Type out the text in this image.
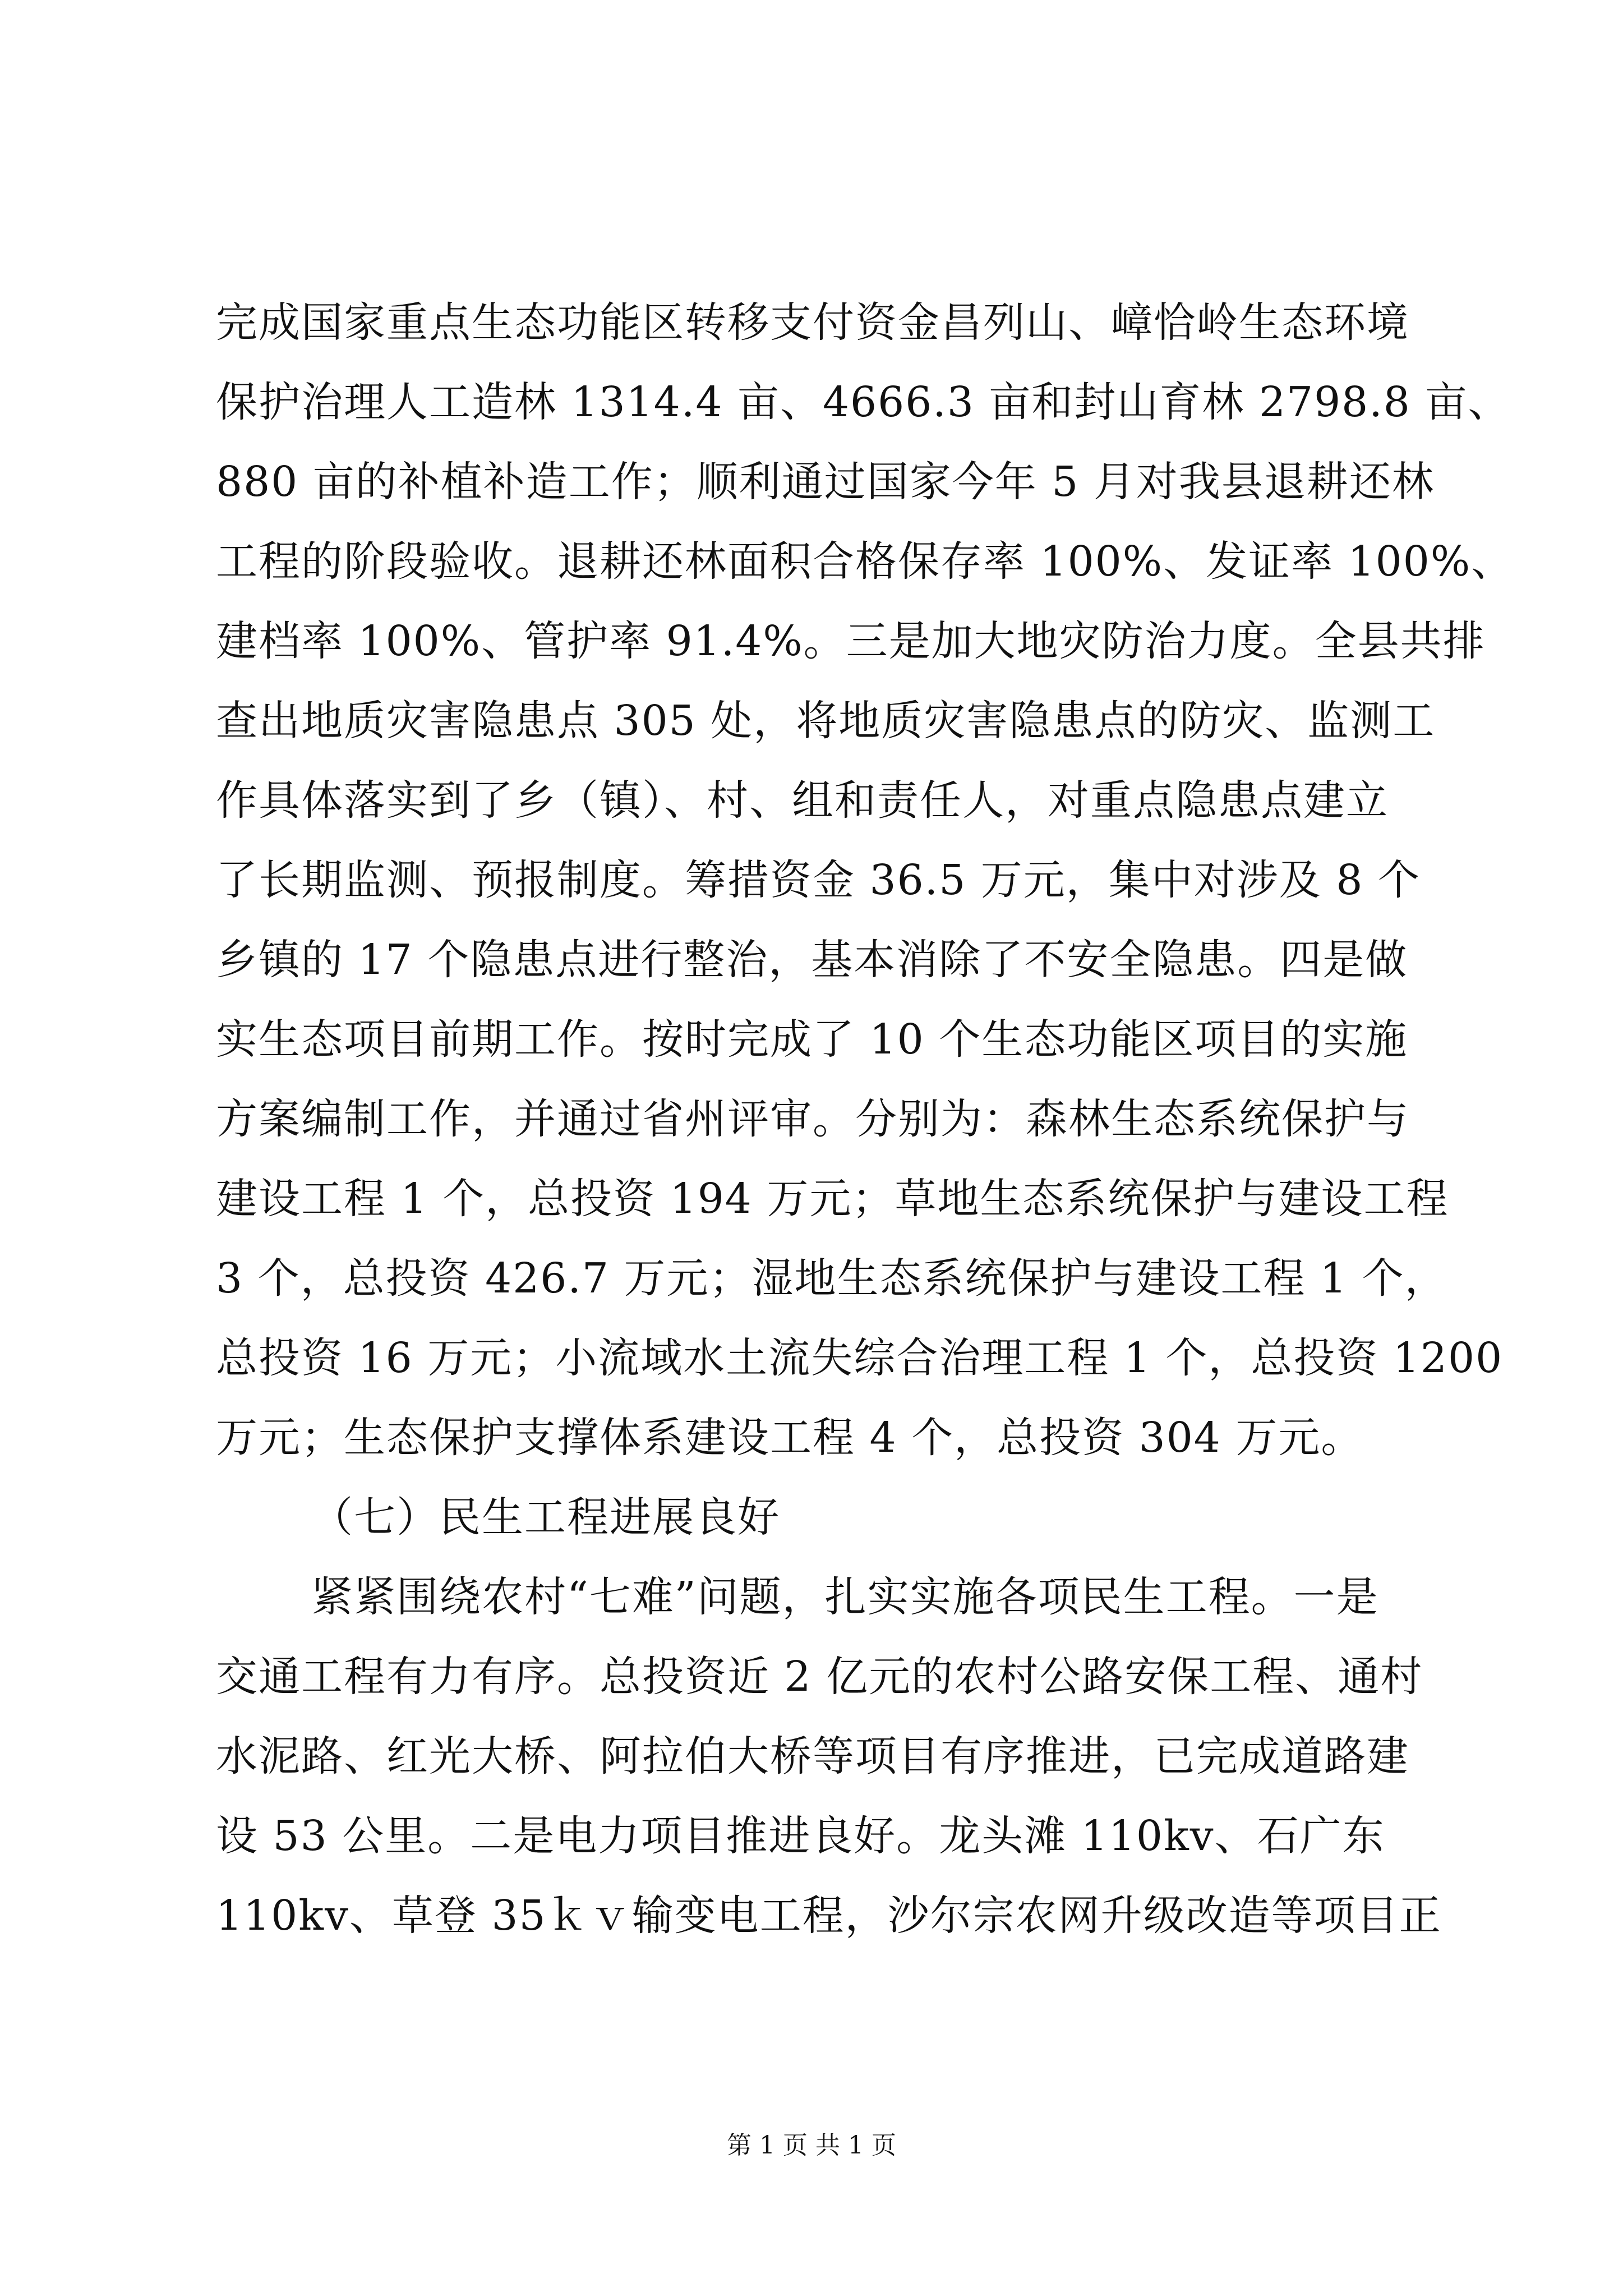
完成国家重点生态功能区转移支付资金昌列山、嶂恰岭生态环境
保护治理人工造林 1314.4 亩、4666.3 亩和封山育林 2798.8 亩、
880 亩的补植补造工作；顺利通过国家今年 5 月对我县退耕还林
工程的阶段验收。退耕还林面积合格保存率 100%、发证率 100%、
建档率 100%、管护率 91.4%。三是加大地灾防治力度。全县共排
查出地质灾害隐患点 305 处，将地质灾害隐患点的防灾、监测工
作具体落实到了乡（镇）、村、组和责任人，对重点隐患点建立
了长期监测、预报制度。筹措资金 36.5 万元，集中对涉及 8 个
乡镇的 17 个隐患点进行整治，基本消除了不安全隐患。四是做
实生态项目前期工作。按时完成了 10 个生态功能区项目的实施
方案编制工作，并通过省州评审。分别为：森林生态系统保护与
建设工程 1 个，总投资 194 万元；草地生态系统保护与建设工程
3 个，总投资 426.7 万元；湿地生态系统保护与建设工程 1 个，
总投资 16 万元；小流域水土流失综合治理工程 1 个，总投资 1200
万元；生态保护支撑体系建设工程 4 个，总投资 304 万元。
（七）民生工程进展良好
紧紧围绕农村“七难”问题，扎实实施各项民生工程。一是
交通工程有力有序。总投资近 2 亿元的农村公路安保工程、通村
水泥路、红光大桥、阿拉伯大桥等项目有序推进，已完成道路建
设 53 公里。二是电力项目推进良好。龙头滩 110kv、石广东
110kv、草登 35ｋｖ输变电工程，沙尔宗农网升级改造等项目正
第 1 页 共 1 页
